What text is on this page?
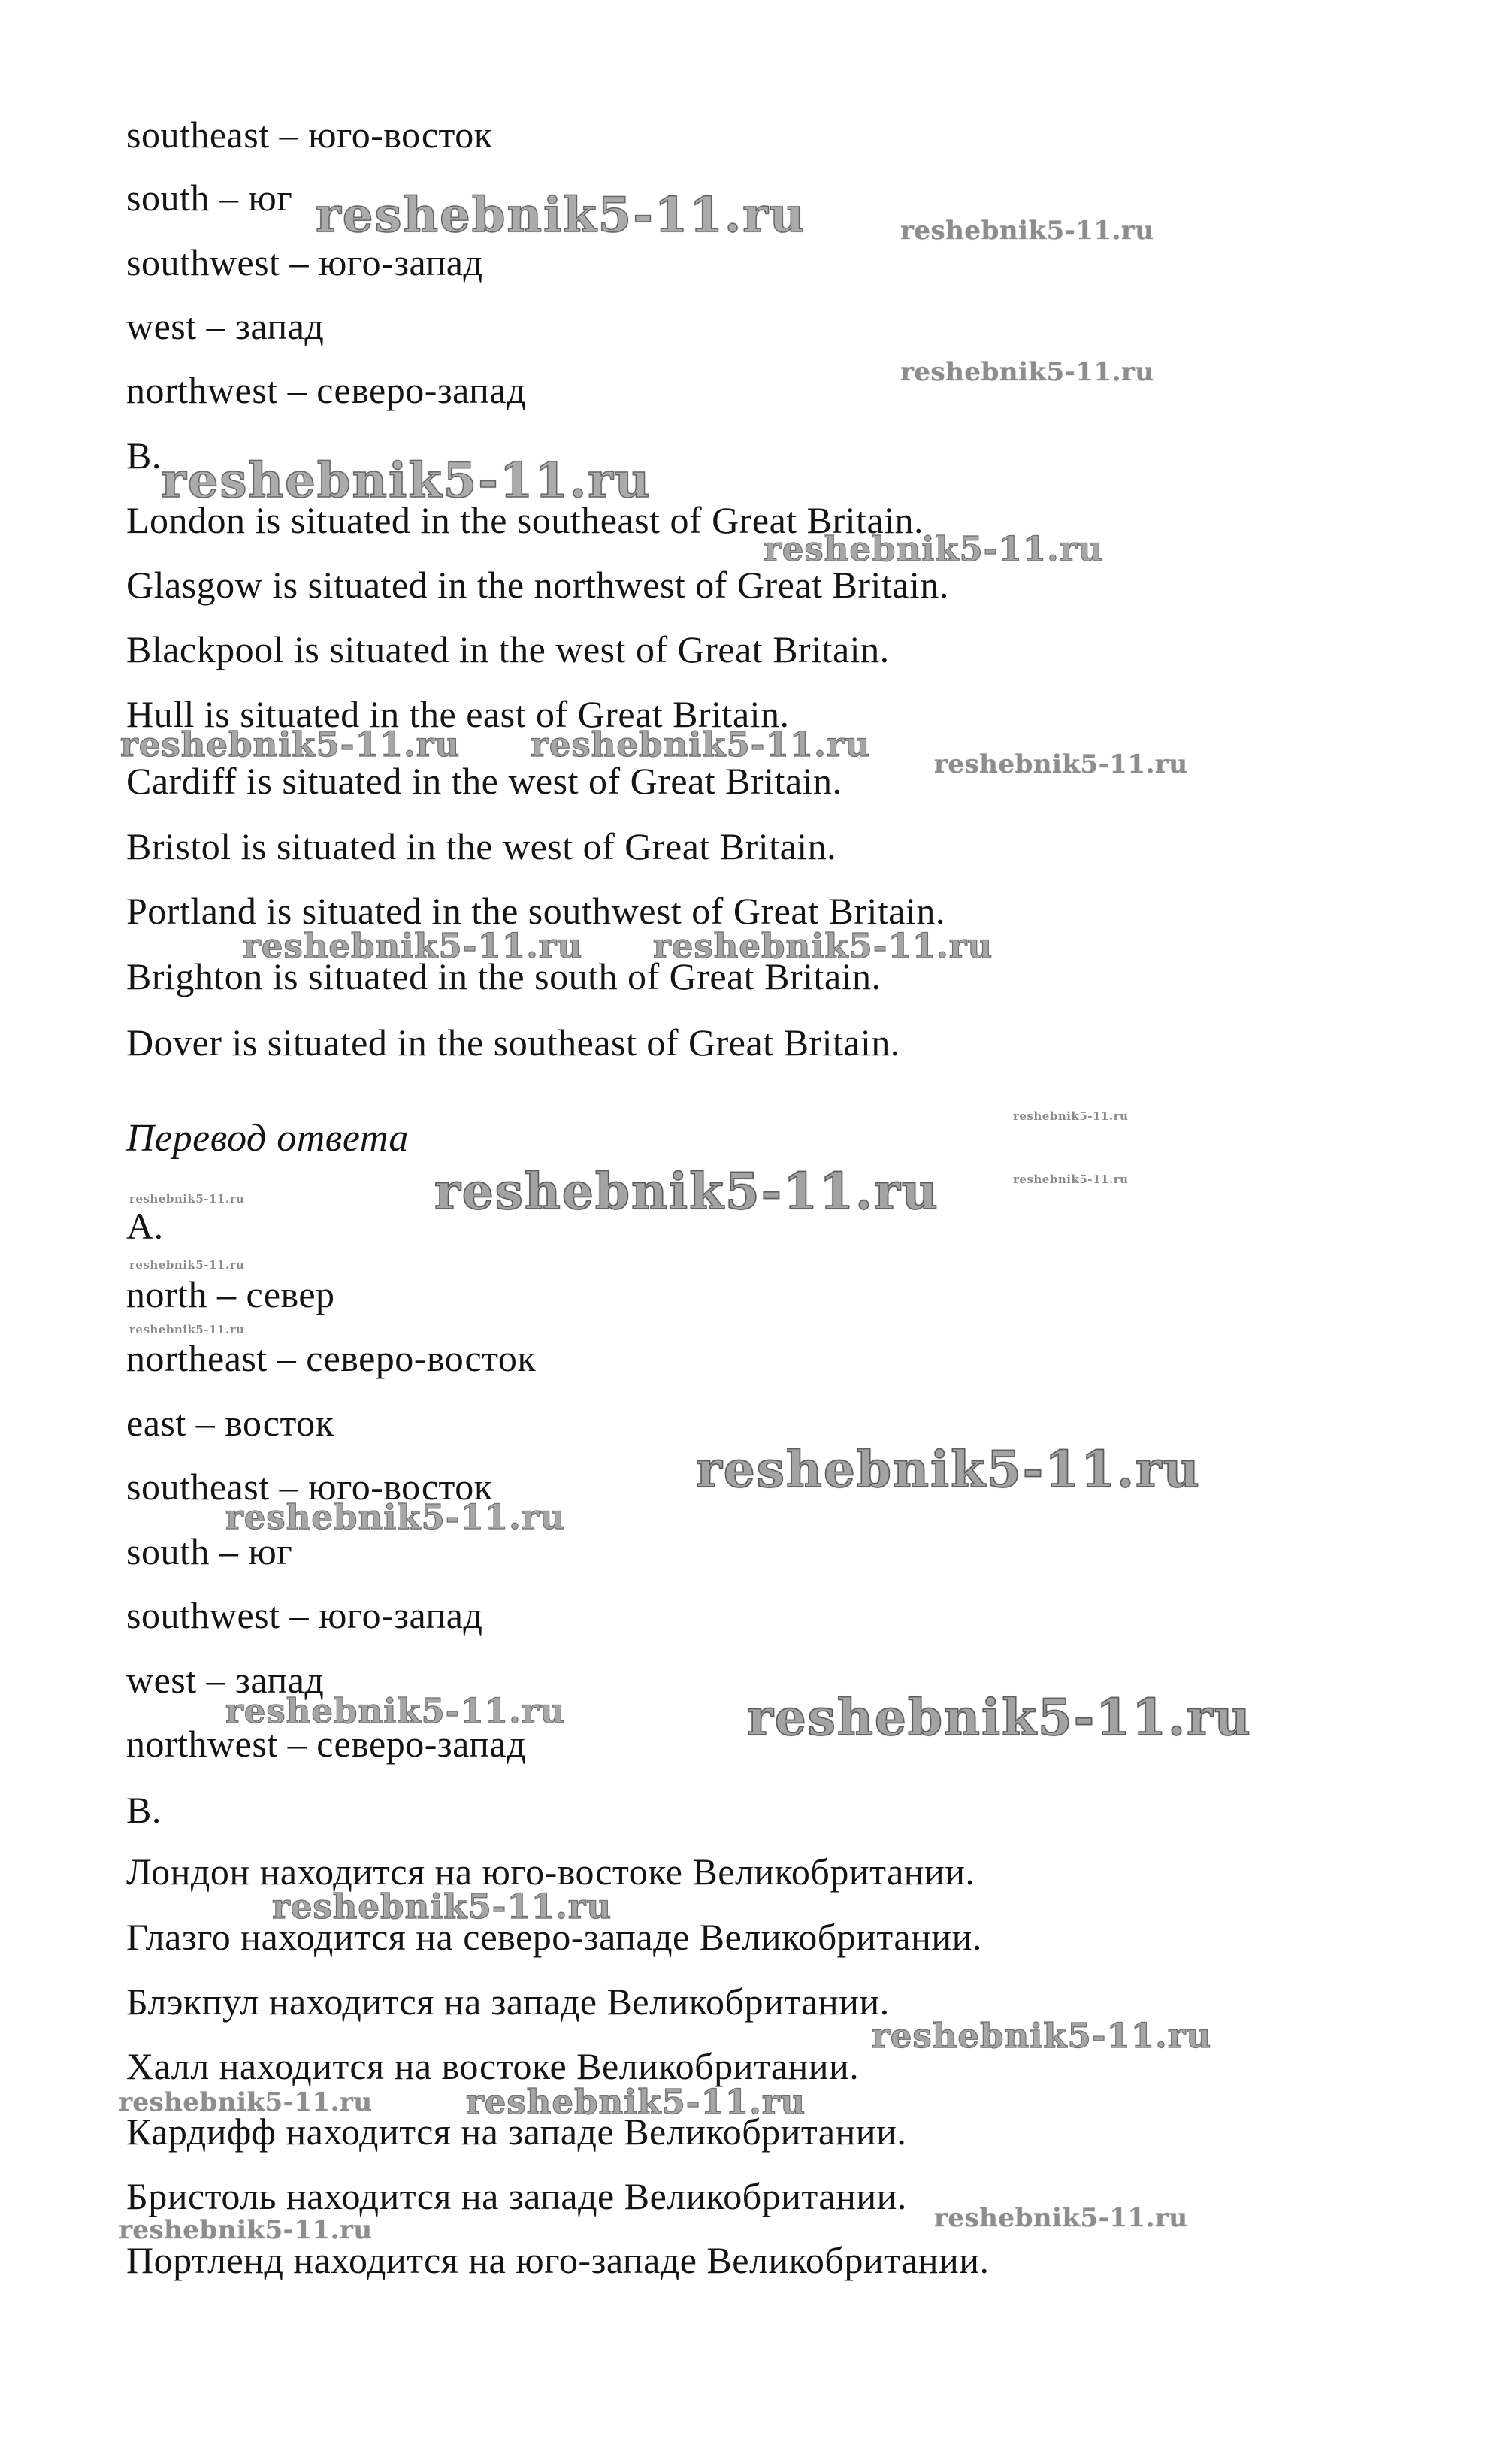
southeast – юго-восток
south – юг
southwest – юго-запад
west – запад
northwest – северо-запад
B.
London is situated in the southeast of Great Britain.
Glasgow is situated in the northwest of Great Britain.
Blackpool is situated in the west of Great Britain.
Hull is situated in the east of Great Britain.
Cardiff is situated in the west of Great Britain.
Bristol is situated in the west of Great Britain.
Portland is situated in the southwest of Great Britain.
Brighton is situated in the south of Great Britain.
Dover is situated in the southeast of Great Britain.
Перевод ответа
A.
north – север
northeast – северо-восток
east – восток
southeast – юго-восток
south – юг
southwest – юго-запад
west – запад
northwest – северо-запад
B.
Лондон находится на юго-востоке Великобритании.
Глазго находится на северо-западе Великобритании.
Блэкпул находится на западе Великобритании.
Халл находится на востоке Великобритании.
Кардифф находится на западе Великобритании.
Бристоль находится на западе Великобритании.
Портленд находится на юго-западе Великобритании.
reshebnik5-11.ru	reshebnik5-11.ru
reshebnik5-11.ru
reshebnik5-11.ru
reshebnik5-11.ru
reshebnik5-11.ru reshebnik5-11.ru reshebnik5-11.ru
reshebnik5-11.ru reshebnik5-11.ru
reshebnik5-11.ru
reshebnik5-11.ru
reshebnik5-11.ru	reshebnik5-11.ru
reshebnik5-11.ru
reshebnik5-11.ru
reshebnik5-11.ru
reshebnik5-11.ru
reshebnik5-11.ru	reshebnik5-11.ru
reshebnik5-11.ru
reshebnik5-11.ru
reshebnik5-11.ru	reshebnik5-11.ru
reshebnik5-11.ru
reshebnik5-11.ru
